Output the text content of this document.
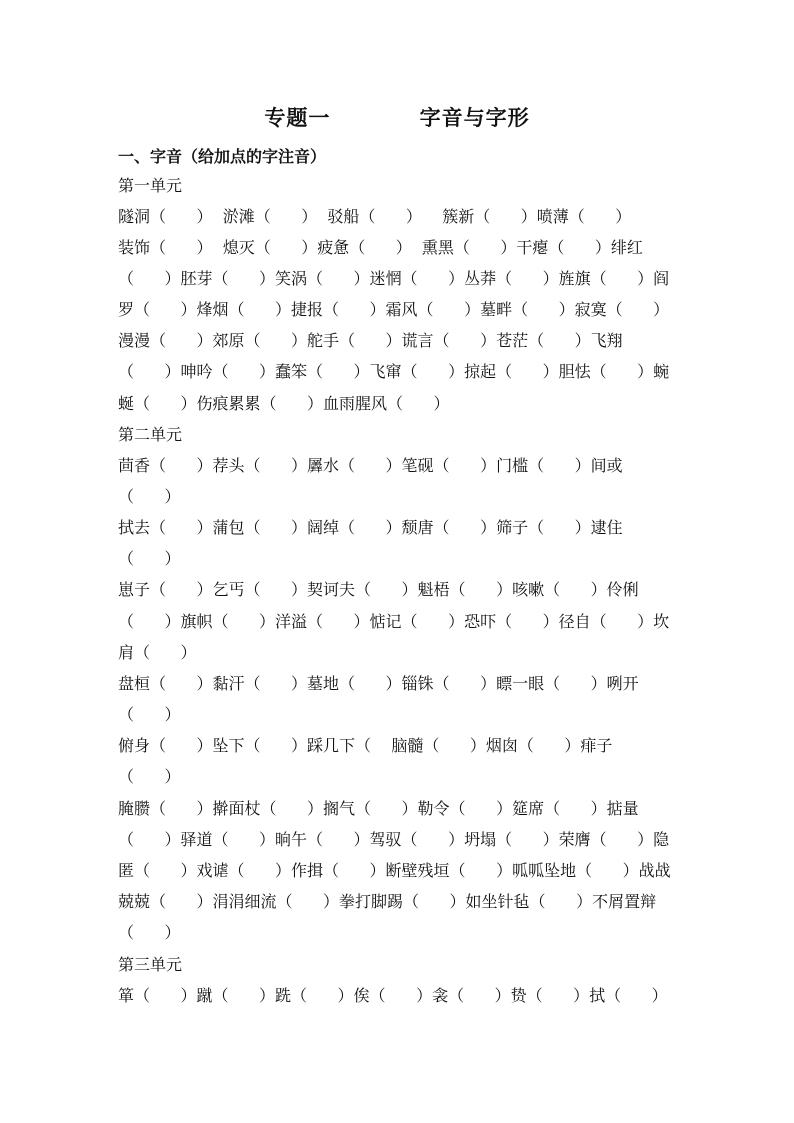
专题一    字音与字形
一、字音（给加点的字注音）
第一单元
隧洞（      ）  淤滩（      ）  驳船（      ）    簇新（      ）喷薄（      ）
装饰（      ）  熄灭（      ）疲惫（      ）  熏黑（      ）干瘪（      ）绯红
（      ）胚芽（      ）笑涡（      ）迷惘（      ）丛莽（      ）旌旗（      ）阎
罗（      ）烽烟（      ）捷报（      ）霜风（      ）墓畔（      ）寂寞（      ）
漫漫（      ）郊原（      ）舵手（      ）谎言（      ）苍茫（      ）飞翔
（      ）呻吟（      ）蠢笨（      ）飞窜（      ）掠起（      ）胆怯（      ）蜿
蜒（      ）伤痕累累（      ）血雨腥风（      ）
第二单元
茴香（      ）荐头（      ）羼水（      ）笔砚（      ）门槛（      ）间或
（      ）
拭去（      ）蒲包（      ）阔绰（      ）颓唐（      ）筛子（      ）逮住
（      ）
崽子（      ）乞丐（      ）契诃夫（      ）魁梧（      ）咳嗽（      ）伶俐
（      ）旗帜（      ）洋溢（      ）惦记（      ）恐吓（      ）径自（      ）坎
肩（      ）
盘桓（      ）黏汗（      ）墓地（      ）锱铢（      ）瞟一眼（      ）咧开
（      ）
俯身（      ）坠下（      ）踩几下（    脑髓（      ）烟囱（      ）痱子
（      ）
腌臜（      ）擀面杖（      ）搁气（      ）勒令（      ）筵席（      ）掂量
（      ）驿道（      ）晌午（      ）驾驭（      ）坍塌（      ）荣膺（      ）隐
匿（      ）戏谑（      ）作揖（      ）断壁残垣（      ）呱呱坠地（      ）战战
兢兢（      ）涓涓细流（      ）拳打脚踢（      ）如坐针毡（      ）不屑置辩
（      ）
第三单元
箪（      ）蹴（      ）跣（      ）俟（      ）衾（      ）贽（      ）拭（      ）
